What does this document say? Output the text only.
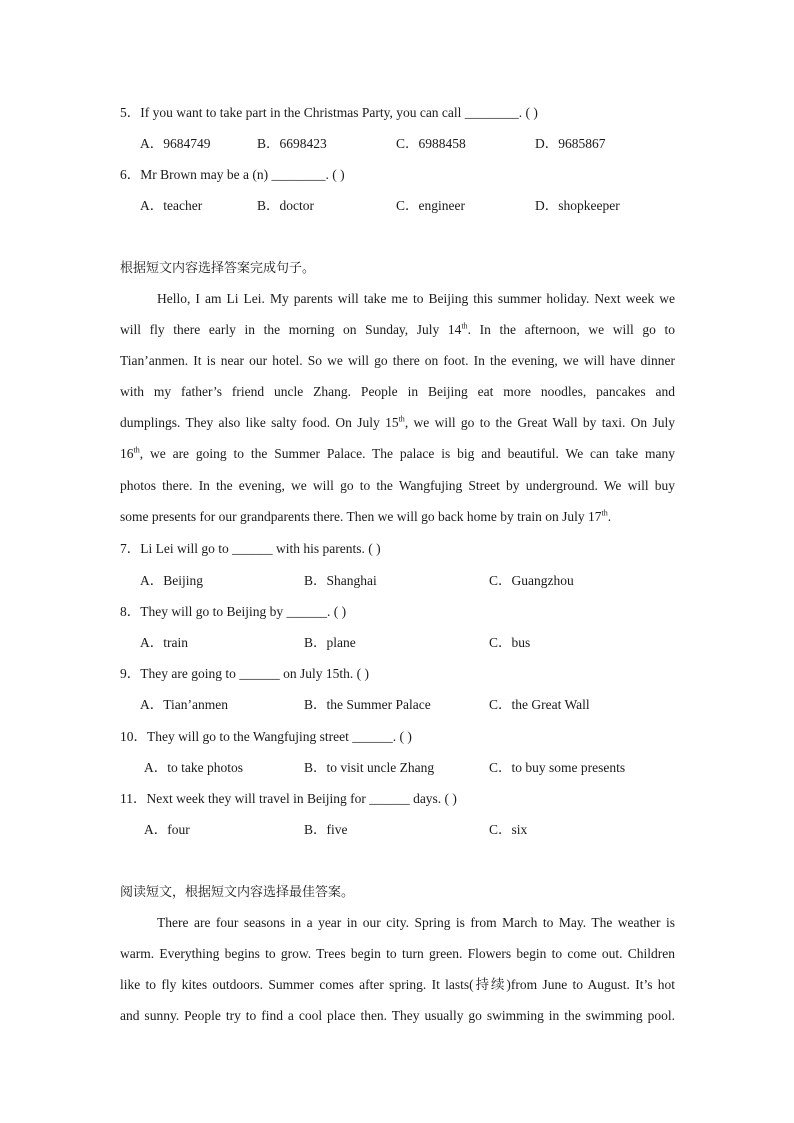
5．If you want to take part in the Christmas Party, you can call ________. ( )
A．9684749	B．6698423	C．6988458	D．9685867
6．Mr Brown may be a (n) ________. ( )
A．teacher	B．doctor	C．engineer	D．shopkeeper
根据短文内容选择答案完成句子。
Hello, I am Li Lei. My parents will take me to Beijing this summer holiday. Next week we
will fly there early in the morning on Sunday, July 14th. In the afternoon, we will go to
Tian’anmen. It is near our hotel. So we will go there on foot. In the evening, we will have dinner
with my father’s friend uncle Zhang. People in Beijing eat more noodles, pancakes and
dumplings. They also like salty food. On July 15th, we will go to the Great Wall by taxi. On July
16th, we are going to the Summer Palace. The palace is big and beautiful. We can take many
photos there. In the evening, we will go to the Wangfujing Street by underground. We will buy
some presents for our grandparents there. Then we will go back home by train on July 17th.
7．Li Lei will go to ______ with his parents. ( )
A．Beijing	B．Shanghai	C．Guangzhou
8．They will go to Beijing by ______. ( )
A．train	B．plane	C．bus
9．They are going to ______ on July 15th. ( )
A．Tian’anmen	B．the Summer Palace	C．the Great Wall
10．They will go to the Wangfujing street ______. ( )
A．to take photos	B．to visit uncle Zhang	C．to buy some presents
11．Next week they will travel in Beijing for ______ days. ( )
A．four	B．five	C．six
阅读短文，根据短文内容选择最佳答案。
There are four seasons in a year in our city. Spring is from March to May. The weather is
warm. Everything begins to grow. Trees begin to turn green. Flowers begin to come out. Children
like to fly kites outdoors. Summer comes after spring. It lasts(持续)from June to August. It’s hot
and sunny. People try to find a cool place then. They usually go swimming in the swimming pool.
